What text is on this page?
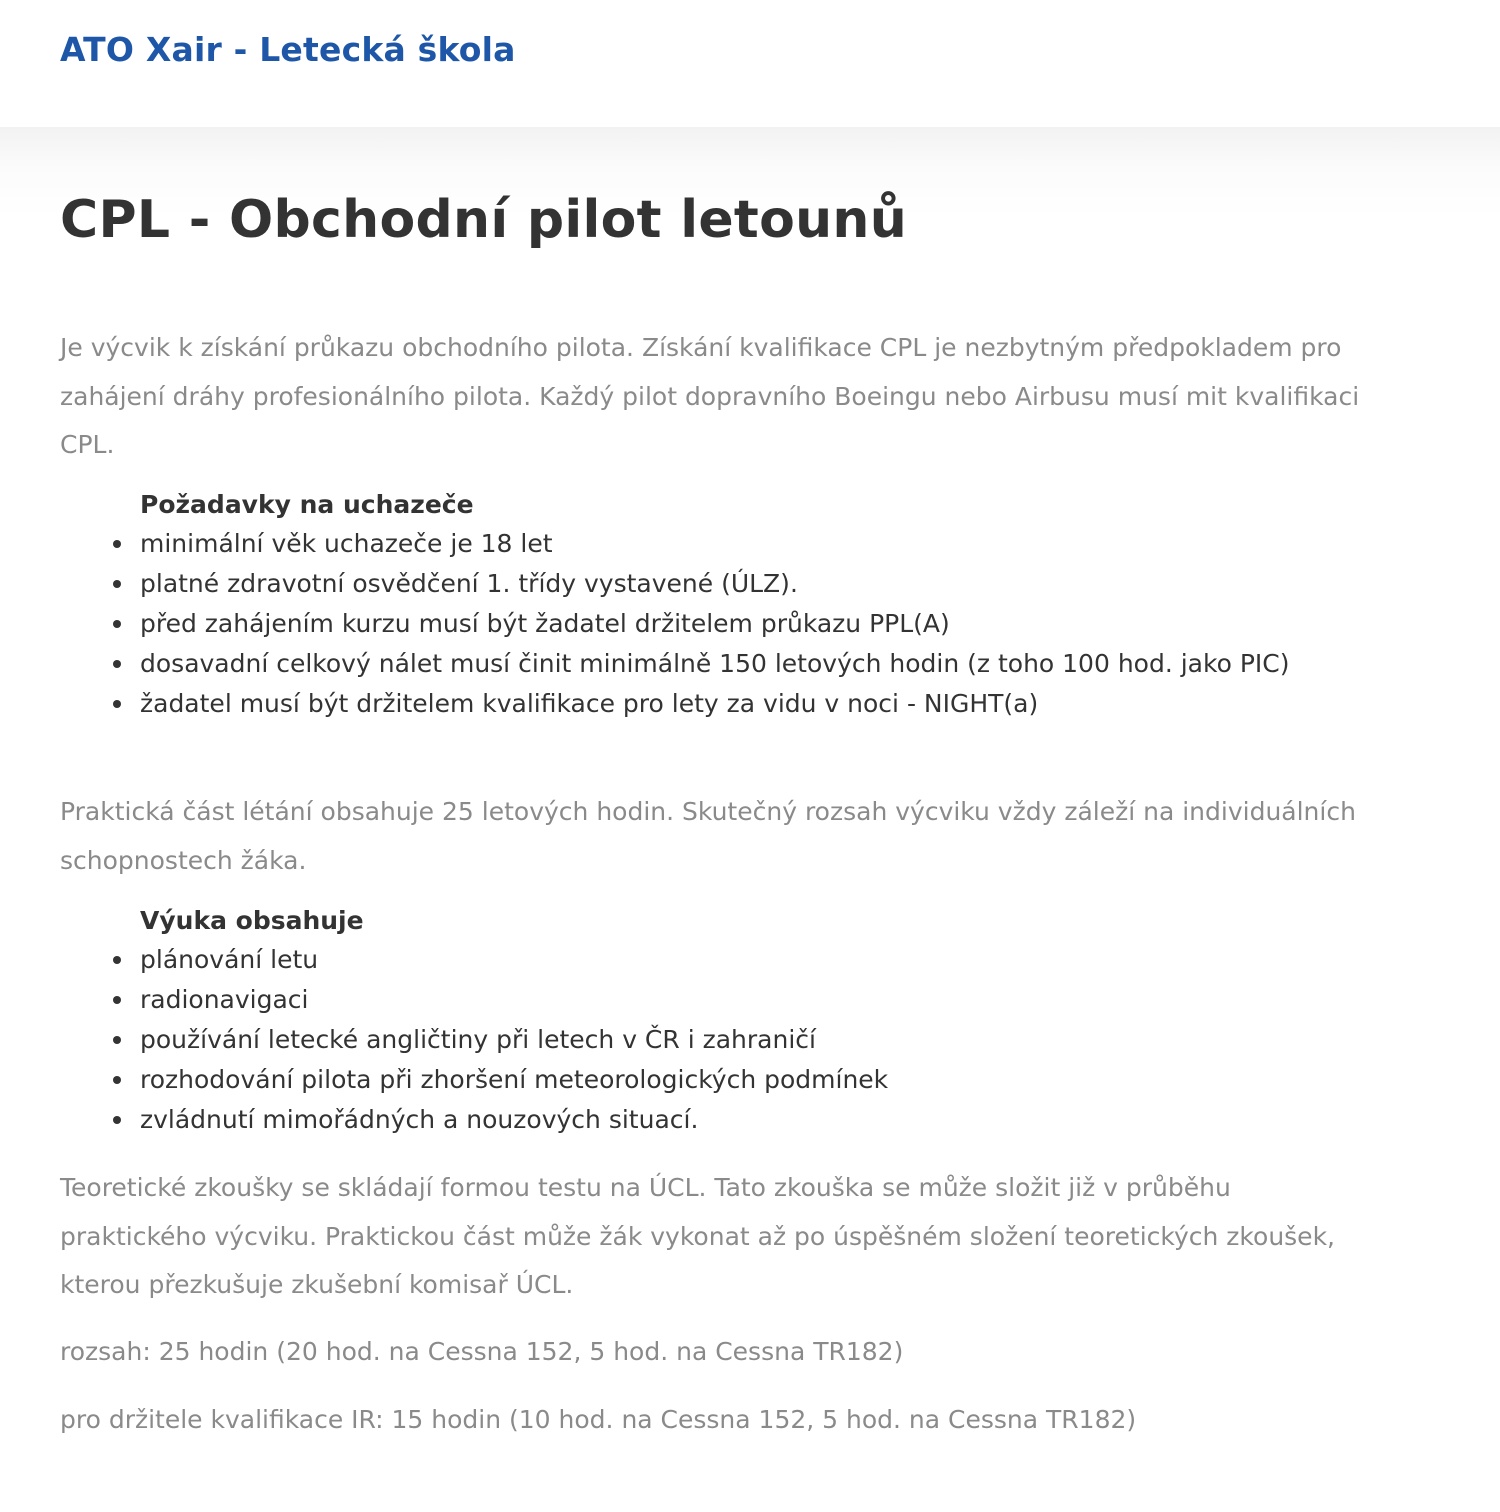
ATO Xair - Letecká škola
CPL - Obchodní pilot letounů

Je výcvik k získání průkazu obchodního pilota. Získání kvalifikace CPL je nezbytným předpokladem pro zahájení dráhy profesionálního pilota. Každý pilot dopravního Boeingu nebo Airbusu musí mit kvalifikaci CPL.

Požadavky na uchazeče

minimální věk uchazeče je 18 let
platné zdravotní osvědčení 1. třídy vystavené (ÚLZ).
před zahájením kurzu musí být žadatel držitelem průkazu PPL(A)
dosavadní celkový nálet musí činit minimálně 150 letových hodin (z toho 100 hod. jako PIC)
žadatel musí být držitelem kvalifikace pro lety za vidu v noci - NIGHT(a)

Praktická část létání obsahuje 25 letových hodin. Skutečný rozsah výcviku vždy záleží na individuálních schopnostech žáka.

Výuka obsahuje

plánování letu
radionavigaci
používání letecké angličtiny při letech v ČR i zahraničí
rozhodování pilota při zhoršení meteorologických podmínek
zvládnutí mimořádných a nouzových situací.

Teoretické zkoušky se skládají formou testu na ÚCL. Tato zkouška se může složit již v průběhu praktického výcviku. Praktickou část může žák vykonat až po úspěšném složení teoretických zkoušek, kterou přezkušuje zkušební komisař ÚCL.

rozsah: 25 hodin (20 hod. na Cessna 152, 5 hod. na Cessna TR182)

pro držitele kvalifikace IR: 15 hodin (10 hod. na Cessna 152, 5 hod. na Cessna TR182)
